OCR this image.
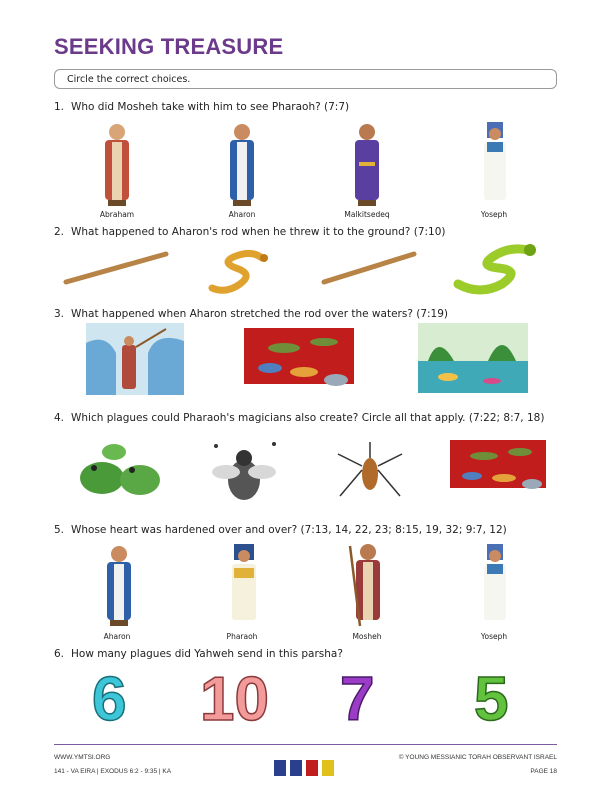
SEEKING TREASURE
Circle the correct choices.
1. Who did Mosheh take with him to see Pharaoh? (7:7)
Abraham	Aharon	Malkitsedeq	Yoseph
2. What happened to Aharon's rod when he threw it to the ground? (7:10)
3. What happened when Aharon stretched the rod over the waters? (7:19)
4. Which plagues could Pharaoh's magicians also create? Circle all that apply. (7:22; 8:7, 18)
5. Whose heart was hardened over and over? (7:13, 14, 22, 23; 8:15, 19, 32; 9:7, 12)
Aharon	Pharaoh	Mosheh	Yoseph
6. How many plagues did Yahweh send in this parsha?
6 10 7 5
WWW.YMTSI.ORG
141 - VA EIRA | EXODUS 6:2 - 9:35 | KA
© YOUNG MESSIANIC TORAH OBSERVANT ISRAEL
PAGE 18
